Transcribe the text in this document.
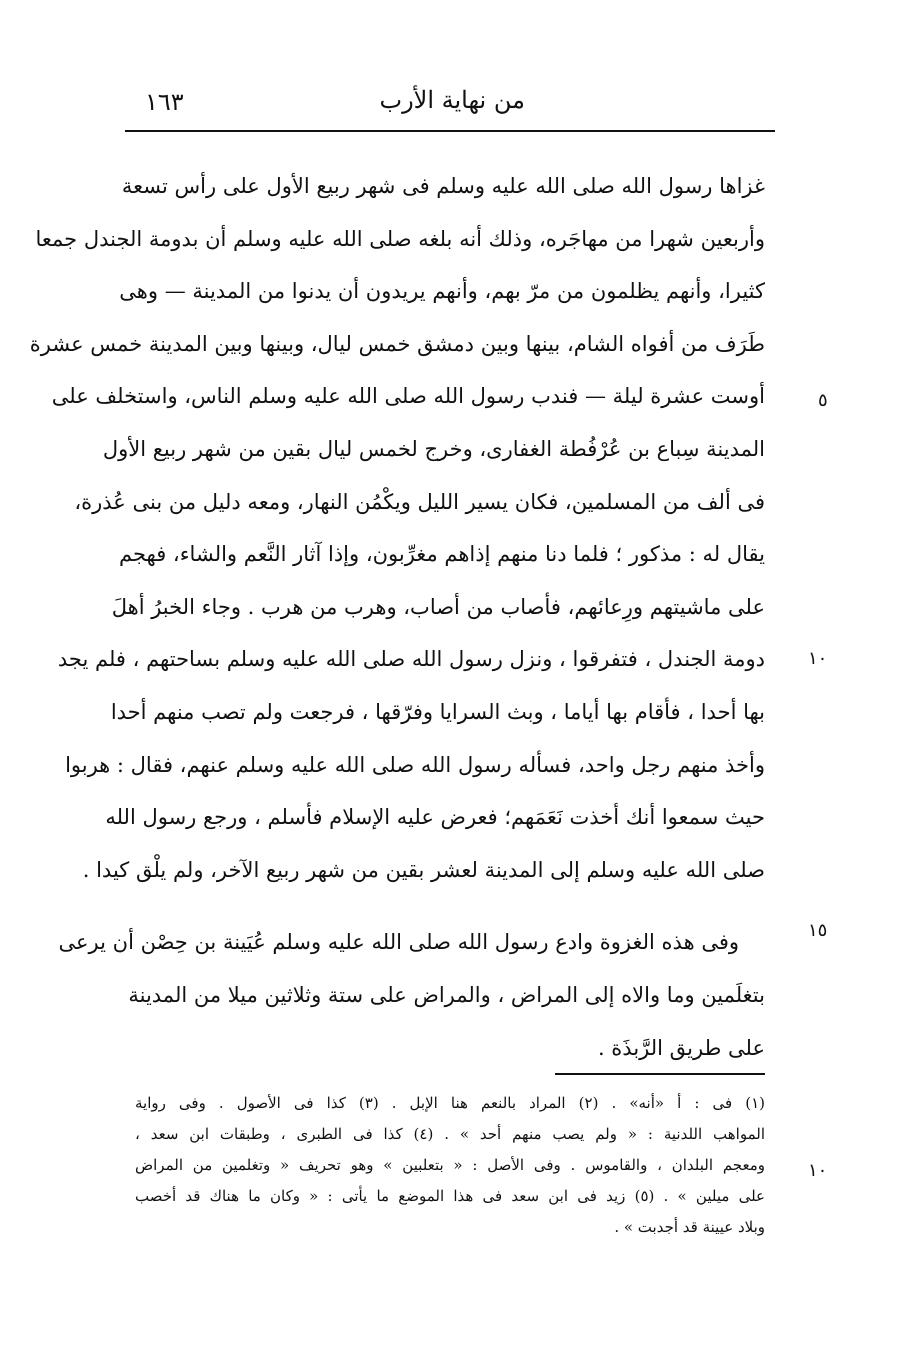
من نهاية الأرب
١٦٣
غزاها رسول الله صلى الله عليه وسلم فى شهر ربيع الأول على رأس تسعة
وأربعين شهرا من مهاجَره، وذلك أنه بلغه صلى الله عليه وسلم أن بدومة الجندل جمعا
كثيرا، وأنهم يظلمون من مرّ بهم، وأنهم يريدون أن يدنوا من المدينة — وهى
طَرَف من أفواه الشام، بينها وبين دمشق خمس ليال، وبينها وبين المدينة خمس عشرة
أوست عشرة ليلة — فندب رسول الله صلى الله عليه وسلم الناس، واستخلف على
المدينة سِباع بن عُرْفُطة الغفارى، وخرج لخمس ليال بقين من شهر ربيع الأول
فى ألف من المسلمين، فكان يسير الليل ويكْمُن النهار، ومعه دليل من بنى عُذرة،
يقال له : مذكور ؛ فلما دنا منهم إذاهم مغرِّبون، وإذا آثار النَّعم والشاء، فهجم
على ماشيتهم ورِعائهم، فأصاب من أصاب، وهرب من هرب . وجاء الخبرُ أهلَ
دومة الجندل ، فتفرقوا ، ونزل رسول الله صلى الله عليه وسلم بساحتهم ، فلم يجد
بها أحدا ، فأقام بها أياما ، وبث السرايا وفرّقها ، فرجعت ولم تصب منهم أحدا
وأخذ منهم رجل واحد، فسأله رسول الله صلى الله عليه وسلم عنهم، فقال : هربوا
حيث سمعوا أنك أخذت نَعَمَهم؛ فعرض عليه الإسلام فأسلم ، ورجع رسول الله
صلى الله عليه وسلم إلى المدينة لعشر بقين من شهر ربيع الآخر، ولم يلْق كيدا .
وفى هذه الغزوة وادع رسول الله صلى الله عليه وسلم عُيَينة بن حِصْن أن يرعى
بتغلَمين وما والاه إلى المراض ، والمراض على ستة وثلاثين ميلا من المدينة
على طريق الرَّبذَة .
٥
١٠
١٥
١٠
(١) فى : أ «أنه» . (٢) المراد بالنعم هنا الإبل . (٣) كذا فى الأصول . وفى رواية
المواهب اللدنية : « ولم يصب منهم أحد » . (٤) كذا فى الطبرى ، وطبقات ابن سعد ،
ومعجم البلدان ، والقاموس . وفى الأصل : « بتعلبين » وهو تحريف « وتغلمين من المراض
على ميلين » . (٥) زيد فى ابن سعد فى هذا الموضع ما يأتى : « وكان ما هناك قد أخصب
وبلاد عيينة قد أجدبت » .
